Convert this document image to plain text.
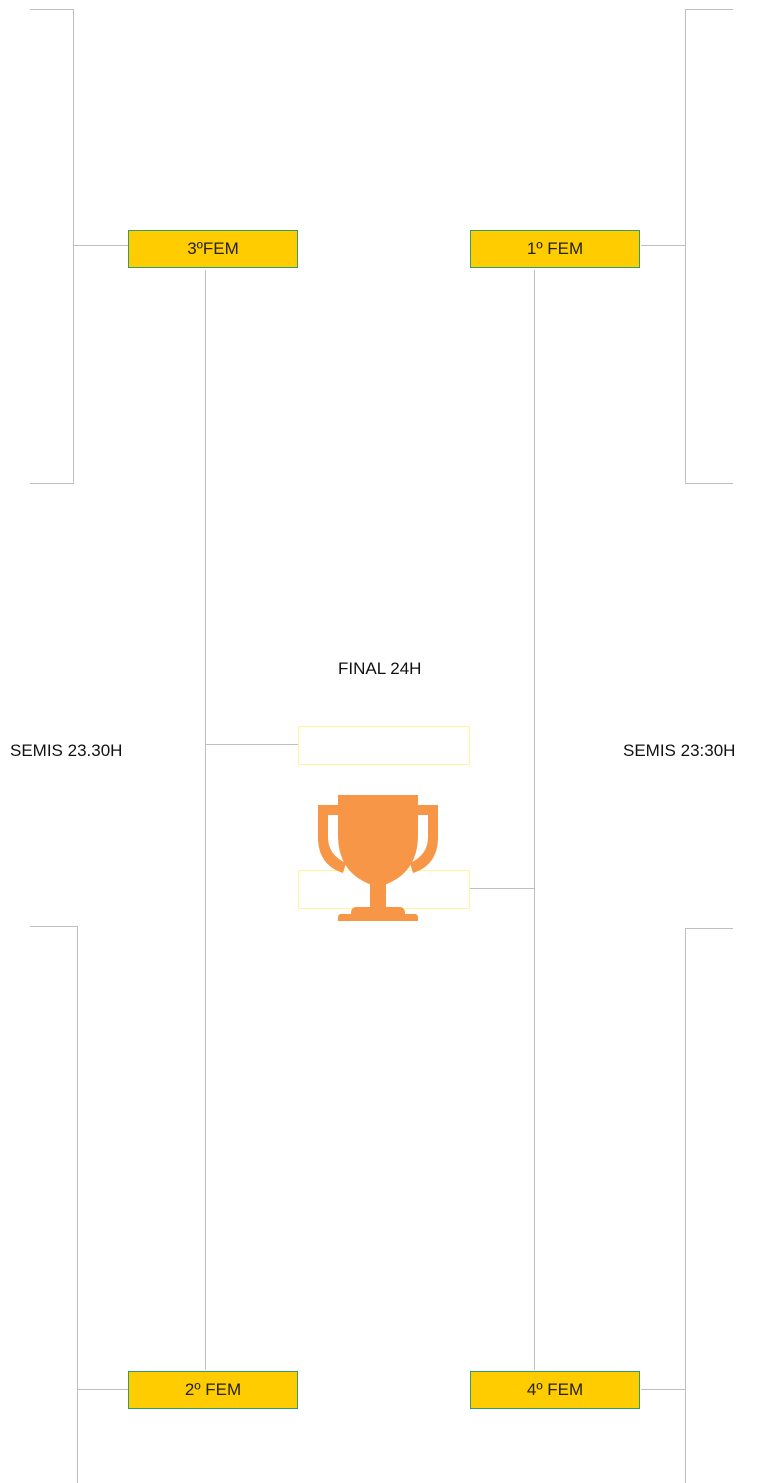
3ºFEM	1º FEM
2º FEM	4º FEM
FINAL 24H
SEMIS 23.30H	SEMIS 23:30H
